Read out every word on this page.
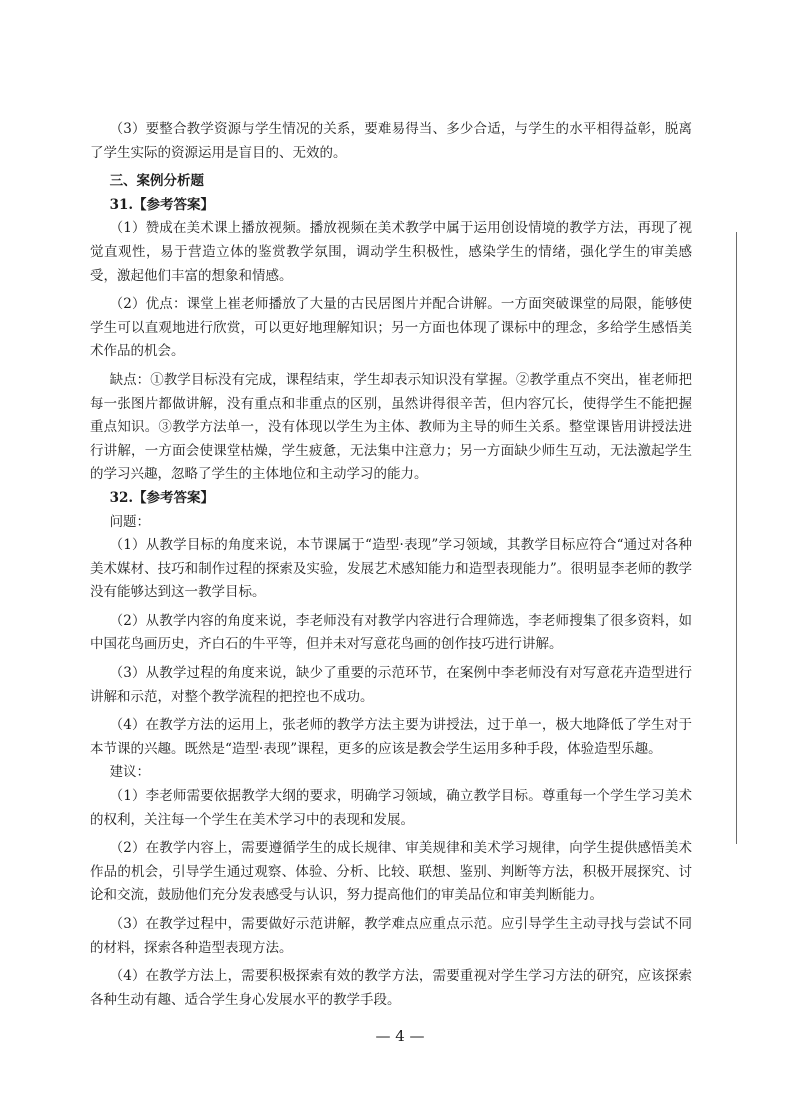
（3）要整合教学资源与学生情况的关系，要难易得当、多少合适，与学生的水平相得益彰，脱离了学生实际的资源运用是盲目的、无效的。

三、案例分析题

31.【参考答案】

（1）赞成在美术课上播放视频。播放视频在美术教学中属于运用创设情境的教学方法，再现了视觉直观性，易于营造立体的鉴赏教学氛围，调动学生积极性，感染学生的情绪，强化学生的审美感受，激起他们丰富的想象和情感。

（2）优点：课堂上崔老师播放了大量的古民居图片并配合讲解。一方面突破课堂的局限，能够使学生可以直观地进行欣赏，可以更好地理解知识；另一方面也体现了课标中的理念，多给学生感悟美术作品的机会。

缺点：①教学目标没有完成，课程结束，学生却表示知识没有掌握。②教学重点不突出，崔老师把每一张图片都做讲解，没有重点和非重点的区别，虽然讲得很辛苦，但内容冗长，使得学生不能把握重点知识。③教学方法单一，没有体现以学生为主体、教师为主导的师生关系。整堂课皆用讲授法进行讲解，一方面会使课堂枯燥，学生疲惫，无法集中注意力；另一方面缺少师生互动，无法激起学生的学习兴趣，忽略了学生的主体地位和主动学习的能力。

32.【参考答案】

问题：

（1）从教学目标的角度来说，本节课属于“造型·表现”学习领域，其教学目标应符合“通过对各种美术媒材、技巧和制作过程的探索及实验，发展艺术感知能力和造型表现能力”。很明显李老师的教学没有能够达到这一教学目标。

（2）从教学内容的角度来说，李老师没有对教学内容进行合理筛选，李老师搜集了很多资料，如中国花鸟画历史，齐白石的牛平等，但并未对写意花鸟画的创作技巧进行讲解。

（3）从教学过程的角度来说，缺少了重要的示范环节，在案例中李老师没有对写意花卉造型进行讲解和示范，对整个教学流程的把控也不成功。

（4）在教学方法的运用上，张老师的教学方法主要为讲授法，过于单一，极大地降低了学生对于本节课的兴趣。既然是“造型·表现”课程，更多的应该是教会学生运用多种手段，体验造型乐趣。

建议：

（1）李老师需要依据教学大纲的要求，明确学习领域，确立教学目标。尊重每一个学生学习美术的权利，关注每一个学生在美术学习中的表现和发展。

（2）在教学内容上，需要遵循学生的成长规律、审美规律和美术学习规律，向学生提供感悟美术作品的机会，引导学生通过观察、体验、分析、比较、联想、鉴别、判断等方法，积极开展探究、讨论和交流，鼓励他们充分发表感受与认识，努力提高他们的审美品位和审美判断能力。

（3）在教学过程中，需要做好示范讲解，教学难点应重点示范。应引导学生主动寻找与尝试不同的材料，探索各种造型表现方法。

（4）在教学方法上，需要积极探索有效的教学方法，需要重视对学生学习方法的研究，应该探索各种生动有趣、适合学生身心发展水平的教学手段。

— 4 —
